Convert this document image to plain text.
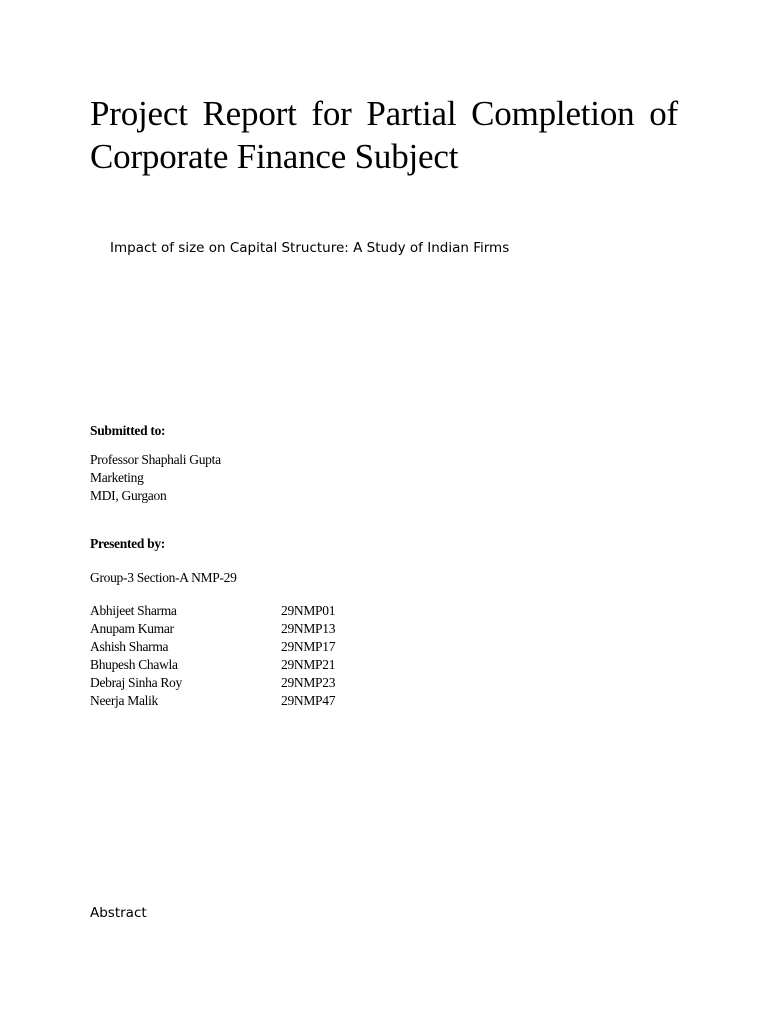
Project Report for Partial Completion of Corporate Finance Subject

Impact of size on Capital Structure: A Study of Indian Firms

Submitted to:

Professor Shaphali Gupta
Marketing
MDI, Gurgaon

Presented by:

Group-3 Section-A NMP-29

Abhijeet Sharma	29NMP01
Anupam Kumar	29NMP13
Ashish Sharma	29NMP17
Bhupesh Chawla	29NMP21
Debraj Sinha Roy	29NMP23
Neerja Malik	29NMP47

Abstract
